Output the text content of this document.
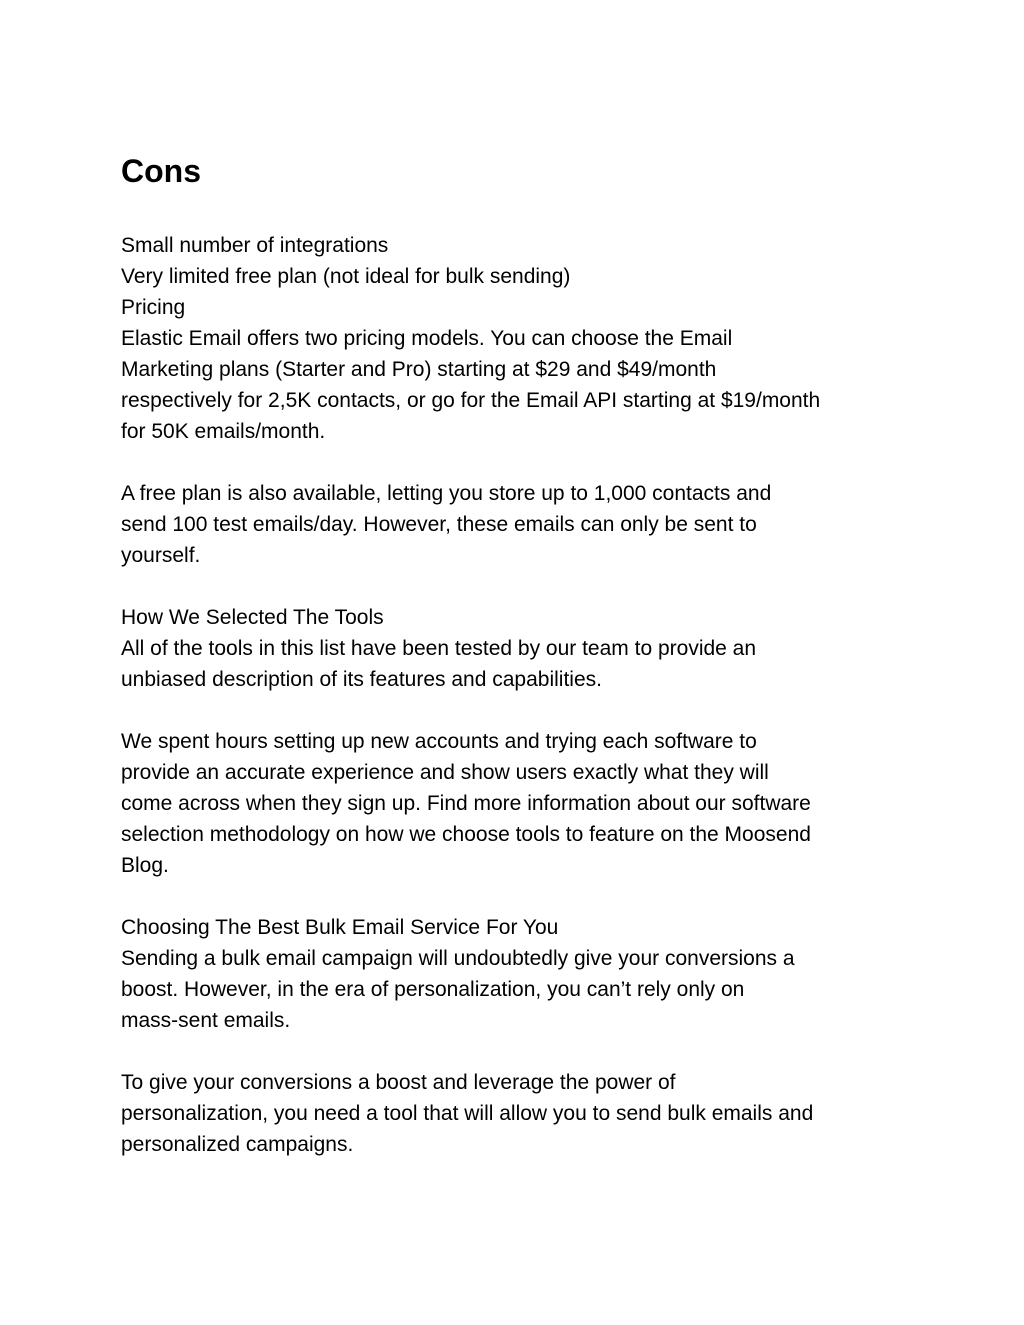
Cons

Small number of integrations

Very limited free plan (not ideal for bulk sending)

Pricing

Elastic Email offers two pricing models. You can choose the Email

Marketing plans (Starter and Pro) starting at $29 and $49/month

respectively for 2,5K contacts, or go for the Email API starting at $19/month

for 50K emails/month.

A free plan is also available, letting you store up to 1,000 contacts and

send 100 test emails/day. However, these emails can only be sent to

yourself.

How We Selected The Tools

All of the tools in this list have been tested by our team to provide an

unbiased description of its features and capabilities.

We spent hours setting up new accounts and trying each software to

provide an accurate experience and show users exactly what they will

come across when they sign up. Find more information about our software

selection methodology on how we choose tools to feature on the Moosend

Blog.

Choosing The Best Bulk Email Service For You

Sending a bulk email campaign will undoubtedly give your conversions a

boost. However, in the era of personalization, you can’t rely only on

mass-sent emails.

To give your conversions a boost and leverage the power of

personalization, you need a tool that will allow you to send bulk emails and

personalized campaigns.
